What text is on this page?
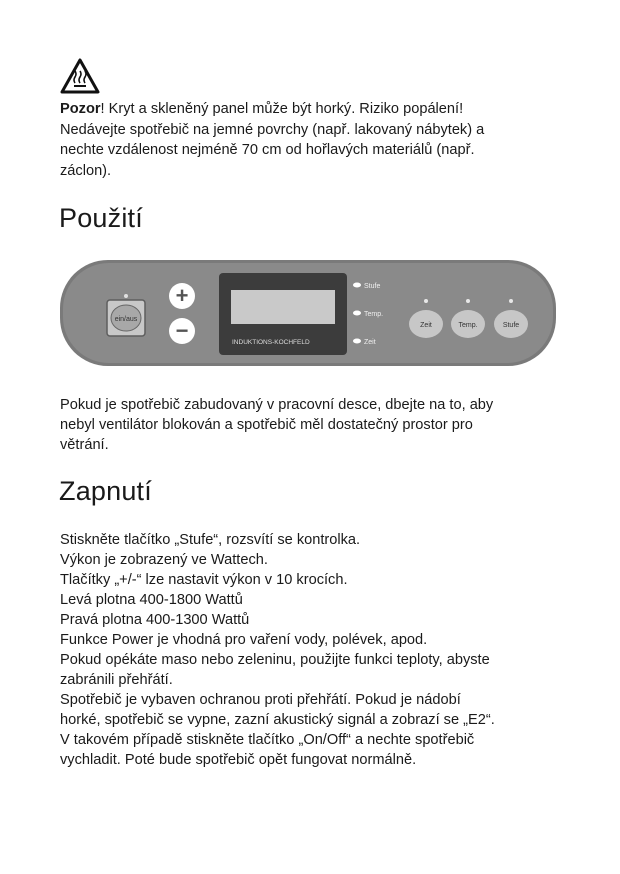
Pozor! Kryt a skleněný panel může být horký. Riziko popálení!
Nedávejte spotřebič na jemné povrchy (např. lakovaný nábytek) a
nechte vzdálenost nejméně 70 cm od hořlavých materiálů (např.
záclon).
Použití
ein/aus
+
−	INDUKTIONS-KOCHFELD
Stufe
Temp.
Zeit
Zeit	Temp.	Stufe
Pokud je spotřebič zabudovaný v pracovní desce, dbejte na to, aby
nebyl ventilátor blokován a spotřebič měl dostatečný prostor pro
větrání.
Zapnutí
Stiskněte tlačítko „Stufe“, rozsvítí se kontrolka.
Výkon je zobrazený ve Wattech.
Tlačítky „+/-“ lze nastavit výkon v 10 krocích.
Levá plotna 400-1800 Wattů
Pravá plotna 400-1300 Wattů
Funkce Power je vhodná pro vaření vody, polévek, apod.
Pokud opékáte maso nebo zeleninu, použijte funkci teploty, abyste
zabránili přehřátí.
Spotřebič je vybaven ochranou proti přehřátí. Pokud je nádobí
horké, spotřebič se vypne, zazní akustický signál a zobrazí se „E2“.
V takovém případě stiskněte tlačítko „On/Off“ a nechte spotřebič
vychladit. Poté bude spotřebič opět fungovat normálně.
